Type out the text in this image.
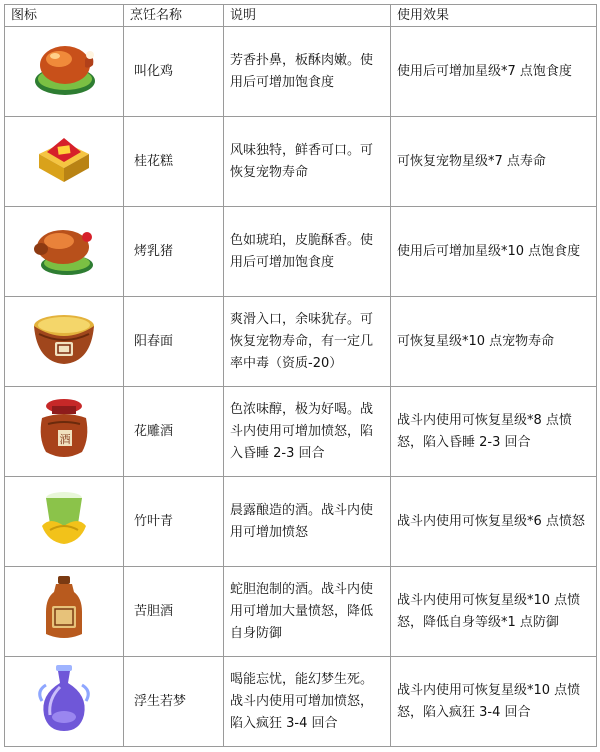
图标	烹饪名称	说明	使用效果
	叫化鸡	芳香扑鼻，板酥肉嫩。使用后可增加饱食度	使用后可增加星级*7 点饱食度
	桂花糕	风味独特，鲜香可口。可恢复宠物寿命	可恢复宠物星级*7 点寿命
	烤乳猪	色如琥珀，皮脆酥香。使用后可增加饱食度	使用后可增加星级*10 点饱食度
	阳春面	爽滑入口，余味犹存。可恢复宠物寿命，有一定几率中毒（资质-20）	可恢复星级*10 点宠物寿命

酒	花雕酒	色浓味醇，极为好喝。战斗内使用可增加愤怒，陷入昏睡 2-3 回合	战斗内使用可恢复星级*8 点愤怒，陷入昏睡 2-3 回合
	竹叶青	晨露酿造的酒。战斗内使用可增加愤怒	战斗内使用可恢复星级*6 点愤怒
	苦胆酒	蛇胆泡制的酒。战斗内使用可增加大量愤怒，降低自身防御	战斗内使用可恢复星级*10 点愤怒，降低自身等级*1 点防御
	浮生若梦	喝能忘忧，能幻梦生死。战斗内使用可增加愤怒，陷入疯狂 3-4 回合	战斗内使用可恢复星级*10 点愤怒，陷入疯狂 3-4 回合
